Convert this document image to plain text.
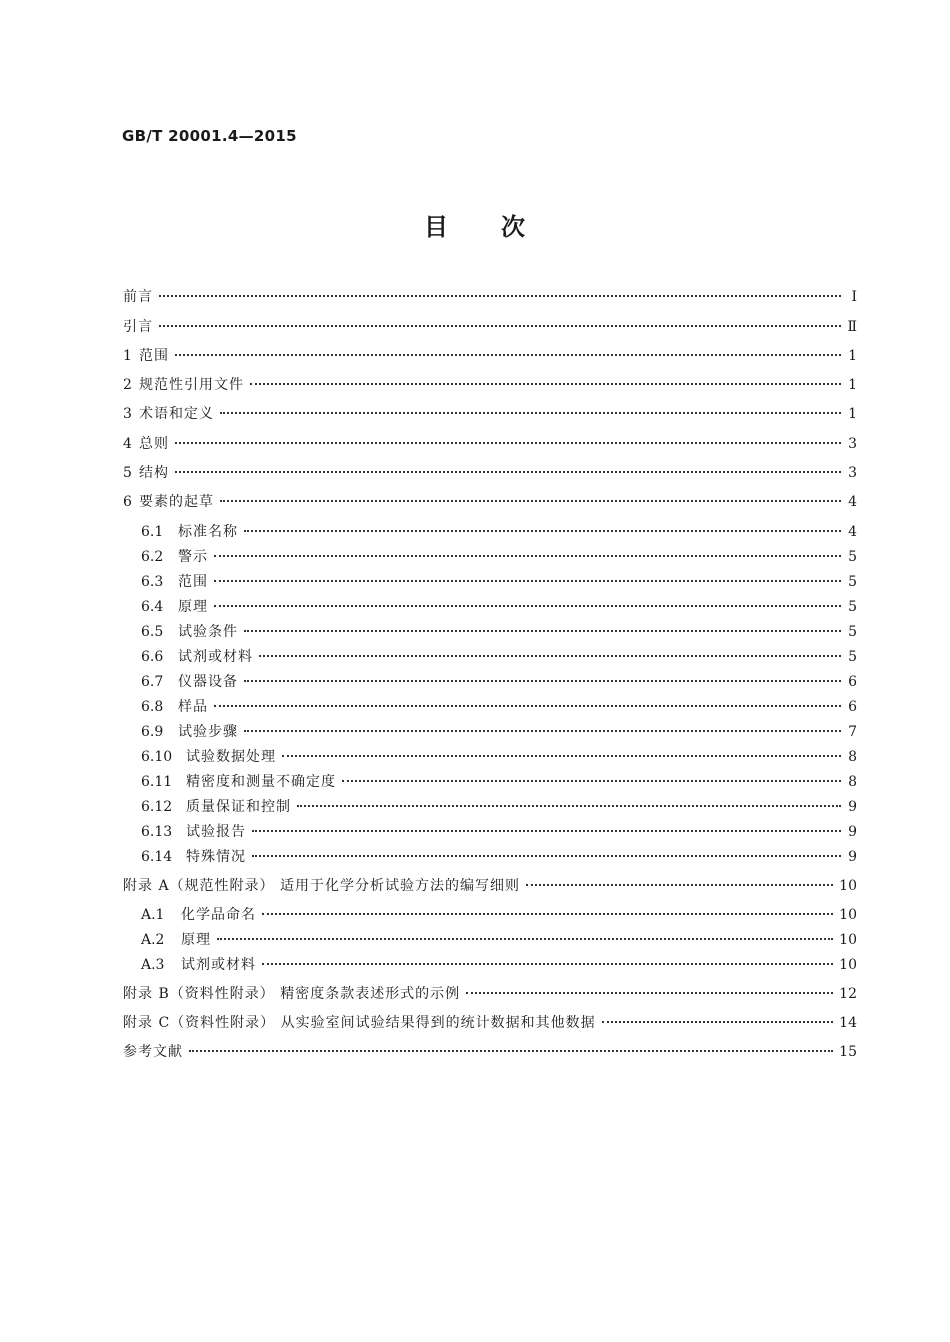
GB/T 20001.4—2015
目 次
前言	Ⅰ
引言	Ⅱ
1 范围	1
2 规范性引用文件	1
3 术语和定义	1
4 总则	3
5 结构	3
6 要素的起草	4
6.1	标准名称	4
6.2	警示	5
6.3	范围	5
6.4	原理	5
6.5	试验条件	5
6.6	试剂或材料	5
6.7	仪器设备	6
6.8	样品	6
6.9	试验步骤	7
6.10 试验数据处理	8
6.11 精密度和测量不确定度	8
6.12 质量保证和控制	9
6.13 试验报告	9
6.14 特殊情况	9
附录 A（规范性附录） 适用于化学分析试验方法的编写细则	10
A.1	化学品命名	10
A.2	原理	10
A.3	试剂或材料	10
附录 B（资料性附录） 精密度条款表述形式的示例	12
附录 C（资料性附录） 从实验室间试验结果得到的统计数据和其他数据	14
参考文献	15
